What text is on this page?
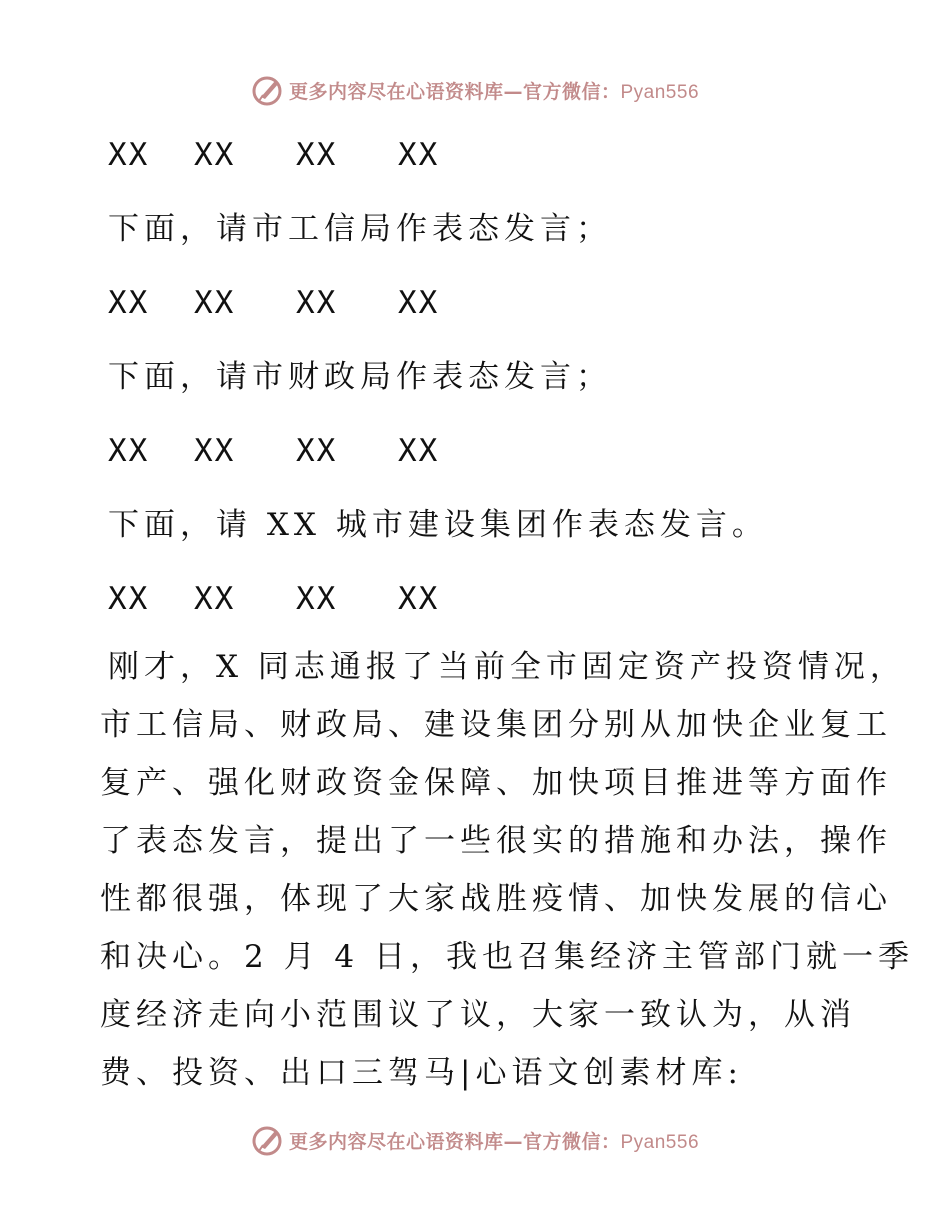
更多内容尽在心语资料库—官方微信：Pyan556
XX	XX	XX	XX
下面，请市工信局作表态发言；
XX	XX	XX	XX
下面，请市财政局作表态发言；
XX	XX	XX	XX
下面，请 XX 城市建设集团作表态发言。
XX	XX	XX	XX
刚才，X 同志通报了当前全市固定资产投资情况，
市工信局、财政局、建设集团分别从加快企业复工
复产、强化财政资金保障、加快项目推进等方面作
了表态发言，提出了一些很实的措施和办法，操作
性都很强，体现了大家战胜疫情、加快发展的信心
和决心。2 月 4 日，我也召集经济主管部门就一季
度经济走向小范围议了议，大家一致认为，从消
费、投资、出口三驾马|心语文创素材库:
更多内容尽在心语资料库—官方微信：Pyan556
